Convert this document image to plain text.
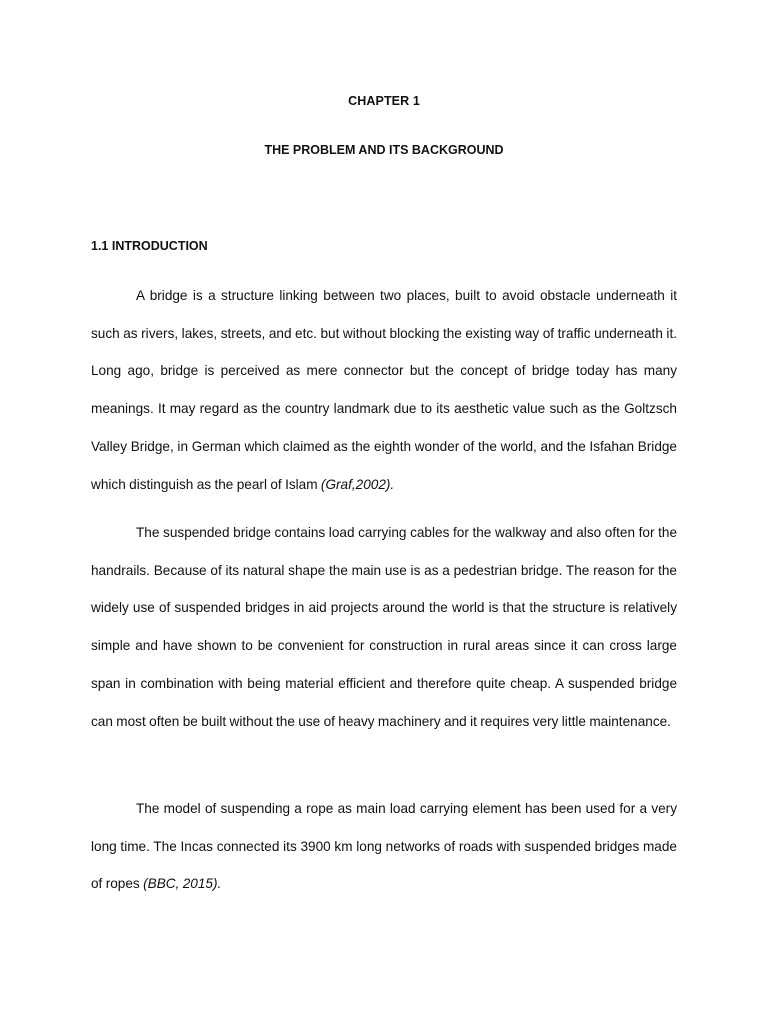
CHAPTER 1
THE PROBLEM AND ITS BACKGROUND
1.1 INTRODUCTION

A bridge is a structure linking between two places, built to avoid obstacle underneath it such as rivers, lakes, streets, and etc. but without blocking the existing way of traffic underneath it. Long ago, bridge is perceived as mere connector but the concept of bridge today has many meanings. It may regard as the country landmark due to its aesthetic value such as the Goltzsch Valley Bridge, in German which claimed as the eighth wonder of the world, and the Isfahan Bridge which distinguish as the pearl of Islam (Graf,2002).

The suspended bridge contains load carrying cables for the walkway and also often for the handrails. Because of its natural shape the main use is as a pedestrian bridge. The reason for the widely use of suspended bridges in aid projects around the world is that the structure is relatively simple and have shown to be convenient for construction in rural areas since it can cross large span in combination with being material efficient and therefore quite cheap. A suspended bridge can most often be built without the use of heavy machinery and it requires very little maintenance.

The model of suspending a rope as main load carrying element has been used for a very long time. The Incas connected its 3900 km long networks of roads with suspended bridges made of ropes (BBC, 2015).
